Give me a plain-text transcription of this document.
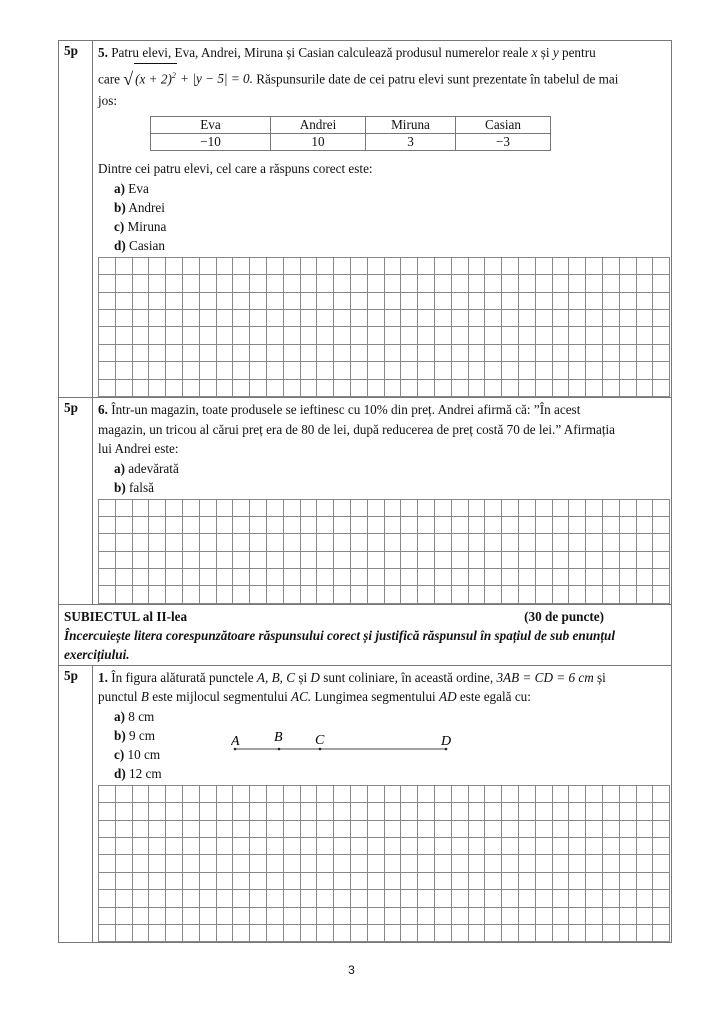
5p	5. Patru elevi, Eva, Andrei, Miruna și Casian calculează produsul numerelor reale x și y pentru
care √ $(x + 2)^2 + |y - 5| = 0$. Răspunsurile date de cei patru elevi sunt prezentate în tabelul de mai
jos:
Eva	Andrei	Miruna	Casian
−10	10	3	−3
Dintre cei patru elevi, cel care a răspuns corect este:
a) Eva
b) Andrei
c) Miruna
d) Casian
5p	6. Într-un magazin, toate produsele se ieftinesc cu 10% din preț. Andrei afirmă că: ”În acest
magazin, un tricou al cărui preț era de 80 de lei, după reducerea de preț costă 70 de lei.” Afirmația
lui Andrei este:
a) adevărată
b) falsă
SUBIECTUL al II-lea	(30 de puncte)
Încercuiește litera corespunzătoare răspunsului corect și justifică răspunsul în spațiul de sub enunțul exercițiului.
5p	1. În figura alăturată punctele A, B, C și D sunt coliniare, în această ordine, 3AB = CD = 6 cm și
punctul B este mijlocul segmentului AC. Lungimea segmentului AD este egală cu:
a) 8 cm
b) 9 cm
c) 10 cm
d) 12 cm
A B C	D
3
